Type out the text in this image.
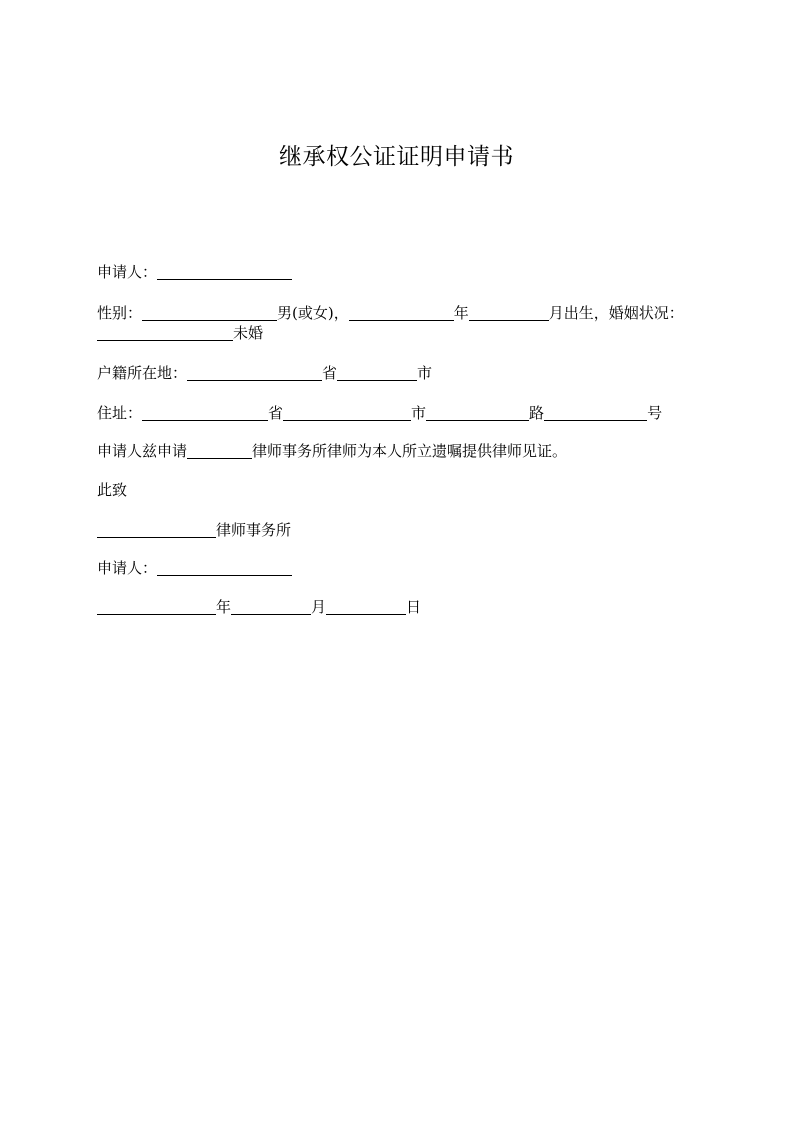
继承权公证证明申请书
申请人：
性别：	男(或女)，	年	月出生，婚姻状况：
未婚
户籍所在地：	省	市
住址：	省	市	路	号
申请人兹申请	律师事务所律师为本人所立遗嘱提供律师见证。
此致
律师事务所
申请人：
年	月	日
